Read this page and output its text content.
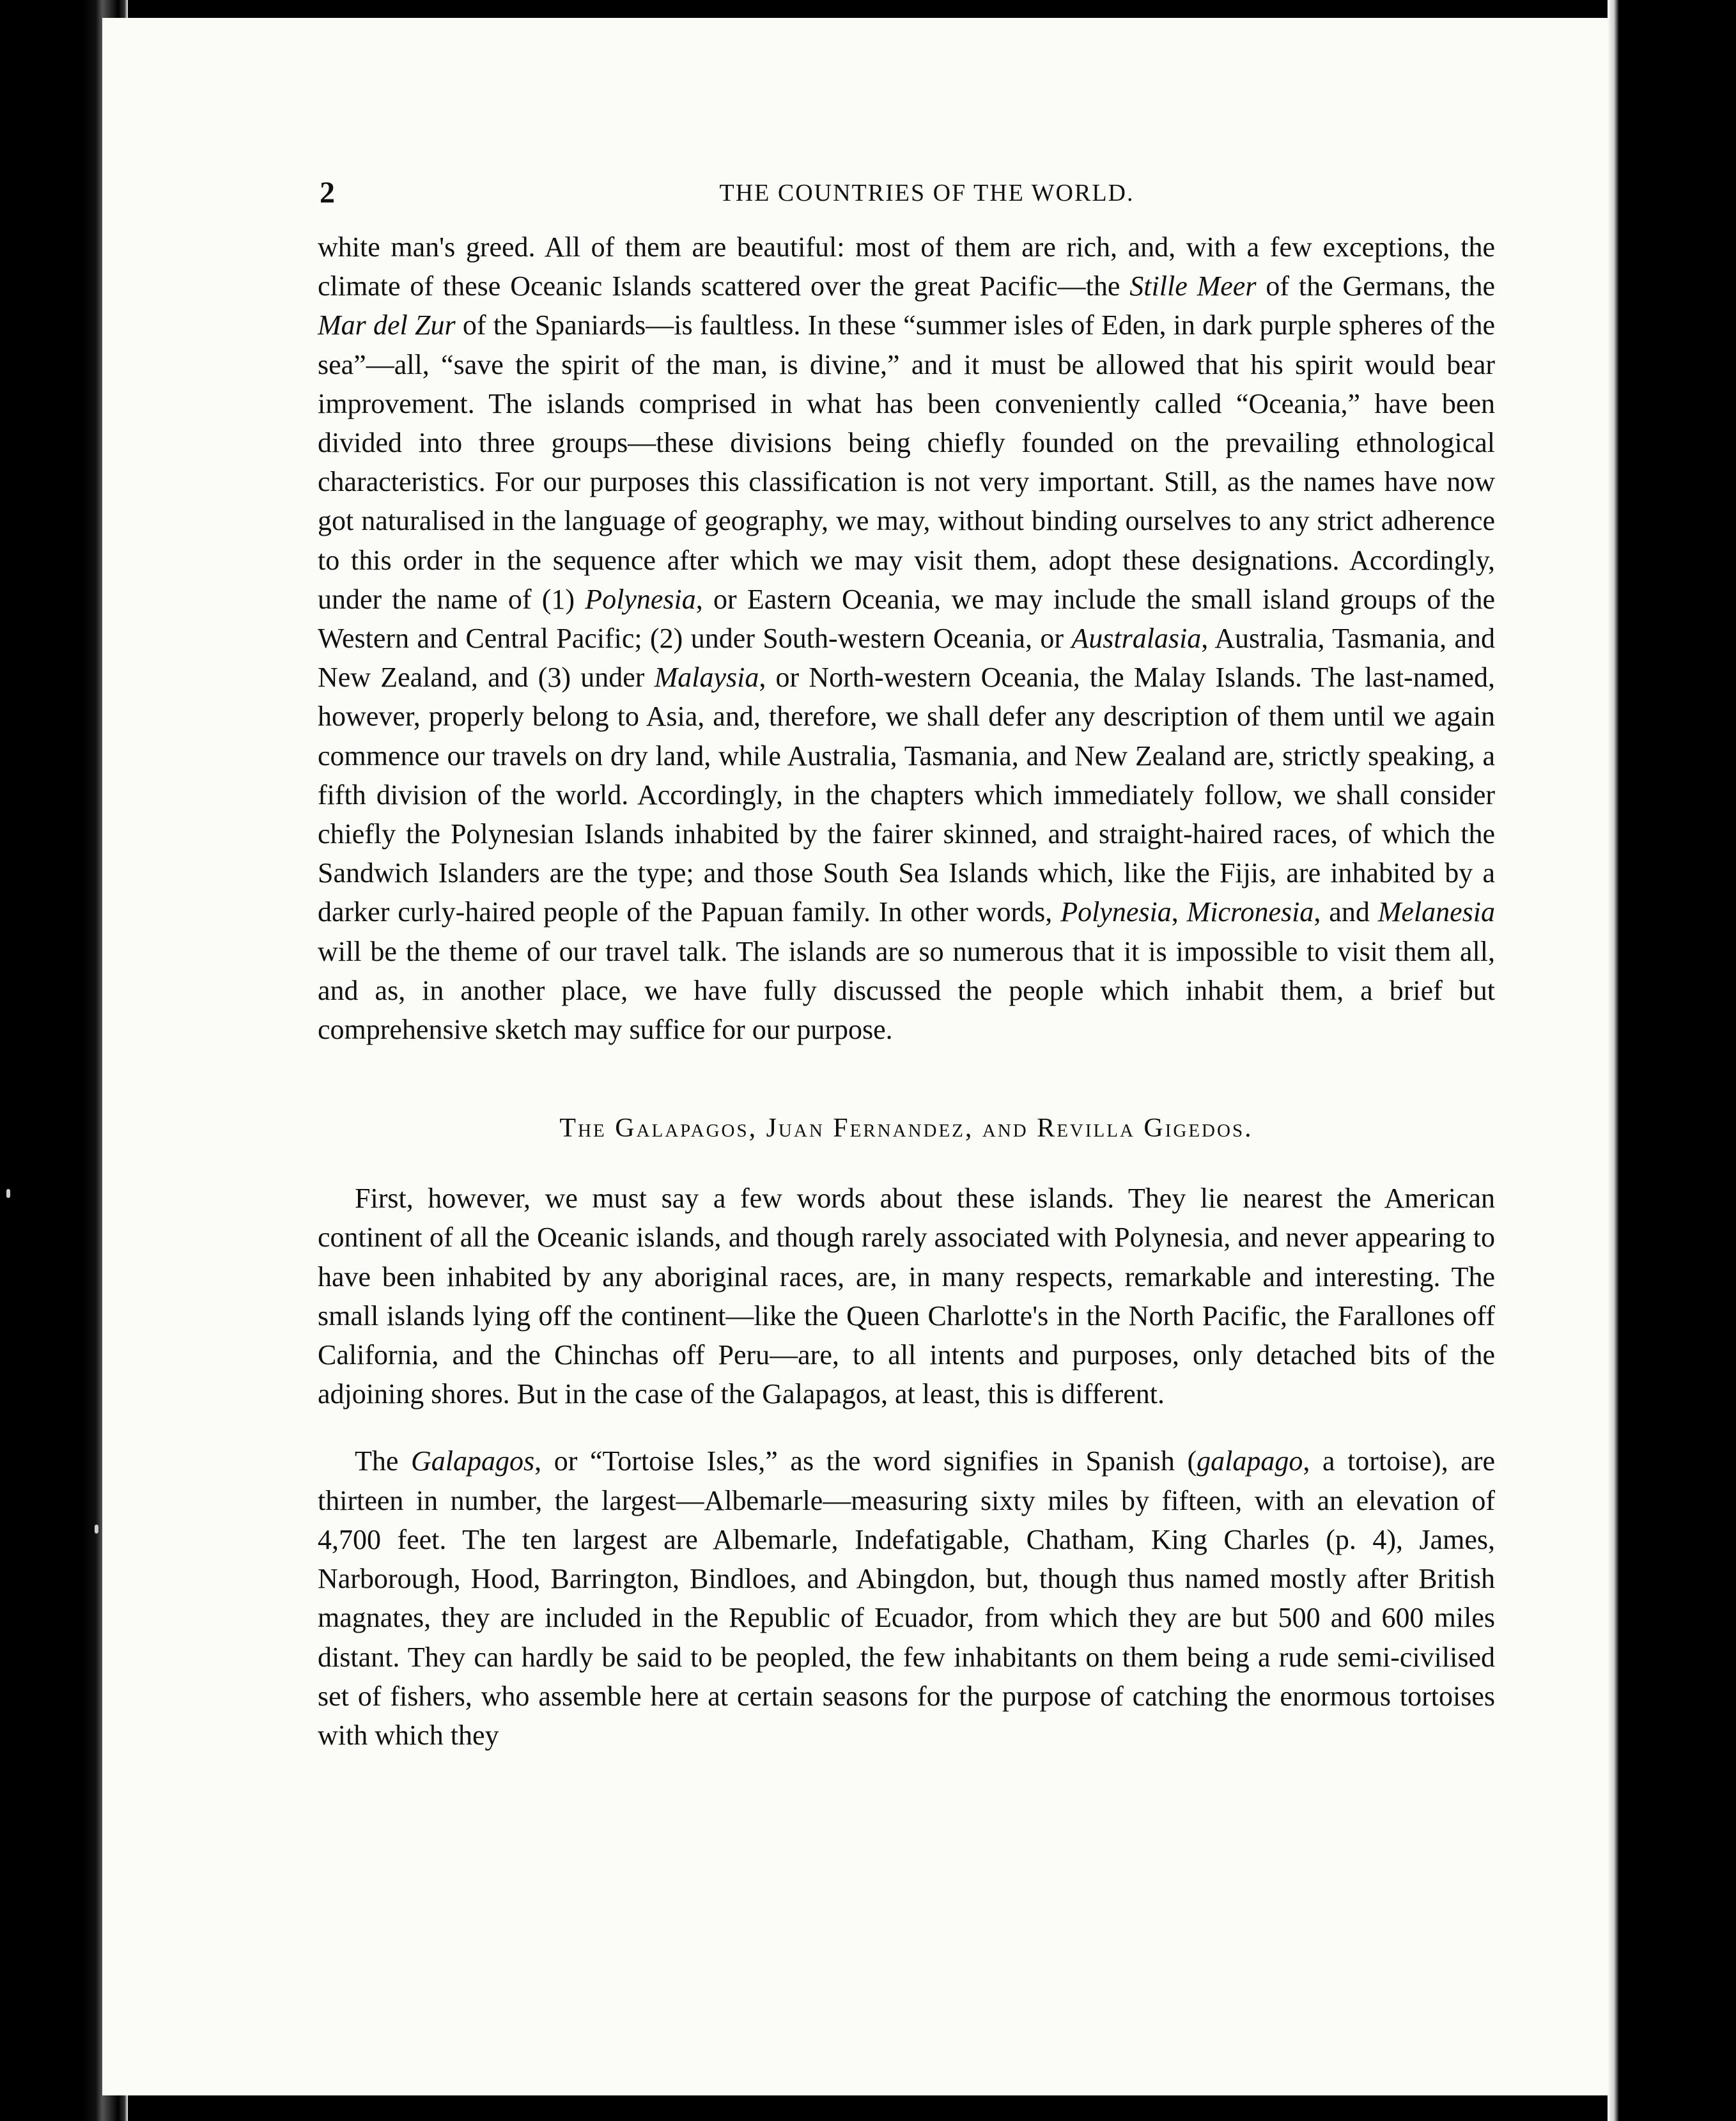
2	THE COUNTRIES OF THE WORLD.

white man's greed. All of them are beautiful: most of them are rich, and, with a few exceptions, the climate of these Oceanic Islands scattered over the great Pacific—the Stille Meer of the Germans, the Mar del Zur of the Spaniards—is faultless. In these “summer isles of Eden, in dark purple spheres of the sea”—all, “save the spirit of the man, is divine,” and it must be allowed that his spirit would bear improvement. The islands comprised in what has been conveniently called “Oceania,” have been divided into three groups—these divisions being chiefly founded on the prevailing ethnological characteristics. For our purposes this classification is not very important. Still, as the names have now got naturalised in the language of geography, we may, without binding ourselves to any strict adherence to this order in the sequence after which we may visit them, adopt these designations. Accordingly, under the name of (1) Polynesia, or Eastern Oceania, we may include the small island groups of the Western and Central Pacific; (2) under South-western Oceania, or Australasia, Australia, Tasmania, and New Zealand, and (3) under Malaysia, or North-western Oceania, the Malay Islands. The last-named, however, properly belong to Asia, and, therefore, we shall defer any description of them until we again commence our travels on dry land, while Australia, Tasmania, and New Zealand are, strictly speaking, a fifth division of the world. Accordingly, in the chapters which immediately follow, we shall consider chiefly the Polynesian Islands inhabited by the fairer skinned, and straight-haired races, of which the Sandwich Islanders are the type; and those South Sea Islands which, like the Fijis, are inhabited by a darker curly-haired people of the Papuan family. In other words, Polynesia, Micronesia, and Melanesia will be the theme of our travel talk. The islands are so numerous that it is impossible to visit them all, and as, in another place, we have fully discussed the people which inhabit them, a brief but comprehensive sketch may suffice for our purpose.

The Galapagos, Juan Fernandez, and Revilla Gigedos.

First, however, we must say a few words about these islands. They lie nearest the American continent of all the Oceanic islands, and though rarely associated with Polynesia, and never appearing to have been inhabited by any aboriginal races, are, in many respects, remarkable and interesting. The small islands lying off the continent—like the Queen Charlotte's in the North Pacific, the Farallones off California, and the Chinchas off Peru—are, to all intents and purposes, only detached bits of the adjoining shores. But in the case of the Galapagos, at least, this is different.

The Galapagos, or “Tortoise Isles,” as the word signifies in Spanish (galapago, a tortoise), are thirteen in number, the largest—Albemarle—measuring sixty miles by fifteen, with an elevation of 4,700 feet. The ten largest are Albemarle, Indefatigable, Chatham, King Charles (p. 4), James, Narborough, Hood, Barrington, Bindloes, and Abingdon, but, though thus named mostly after British magnates, they are included in the Republic of Ecuador, from which they are but 500 and 600 miles distant. They can hardly be said to be peopled, the few inhabitants on them being a rude semi-civilised set of fishers, who assemble here at certain seasons for the purpose of catching the enormous tortoises with which they
